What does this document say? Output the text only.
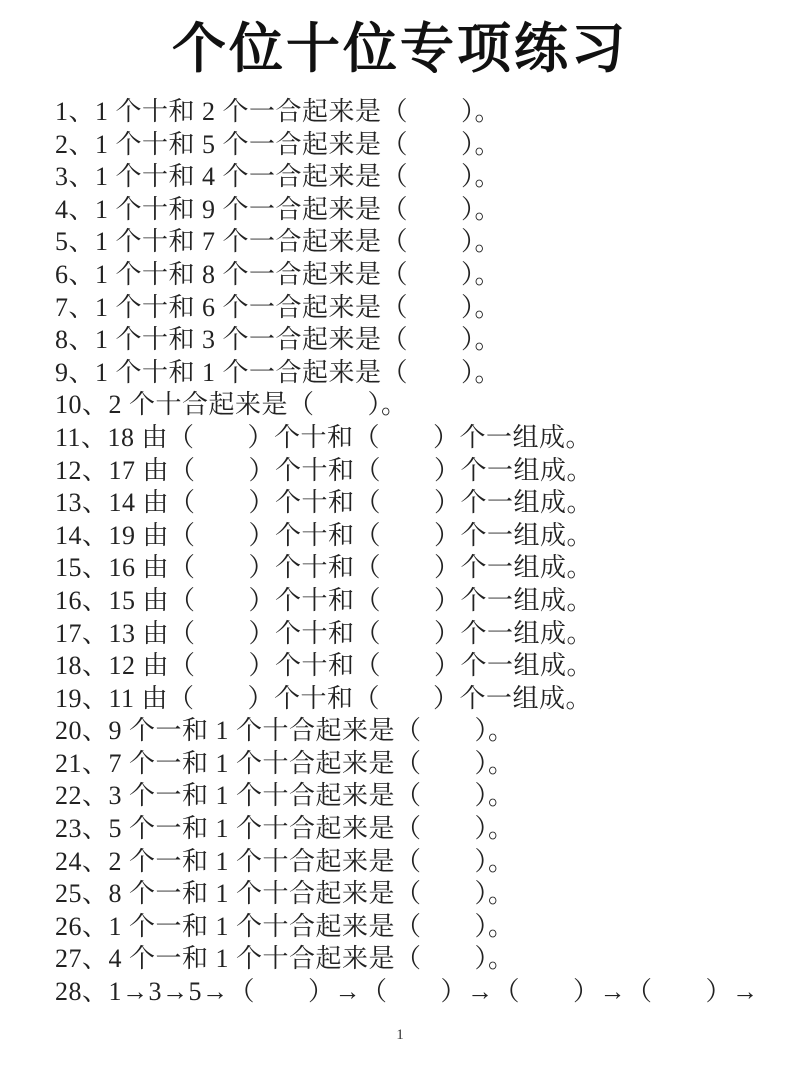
个位十位专项练习
1、1 个十和 2 个一合起来是（　　）。
2、1 个十和 5 个一合起来是（　　）。
3、1 个十和 4 个一合起来是（　　）。
4、1 个十和 9 个一合起来是（　　）。
5、1 个十和 7 个一合起来是（　　）。
6、1 个十和 8 个一合起来是（　　）。
7、1 个十和 6 个一合起来是（　　）。
8、1 个十和 3 个一合起来是（　　）。
9、1 个十和 1 个一合起来是（　　）。
10、2 个十合起来是（　　）。
11、18 由（　　）个十和（　　）个一组成。
12、17 由（　　）个十和（　　）个一组成。
13、14 由（　　）个十和（　　）个一组成。
14、19 由（　　）个十和（　　）个一组成。
15、16 由（　　）个十和（　　）个一组成。
16、15 由（　　）个十和（　　）个一组成。
17、13 由（　　）个十和（　　）个一组成。
18、12 由（　　）个十和（　　）个一组成。
19、11 由（　　）个十和（　　）个一组成。
20、9 个一和 1 个十合起来是（　　）。
21、7 个一和 1 个十合起来是（　　）。
22、3 个一和 1 个十合起来是（　　）。
23、5 个一和 1 个十合起来是（　　）。
24、2 个一和 1 个十合起来是（　　）。
25、8 个一和 1 个十合起来是（　　）。
26、1 个一和 1 个十合起来是（　　）。
27、4 个一和 1 个十合起来是（　　）。
28、1→3→5→（　　）→（　　）→（　　）→（　　）→
1
